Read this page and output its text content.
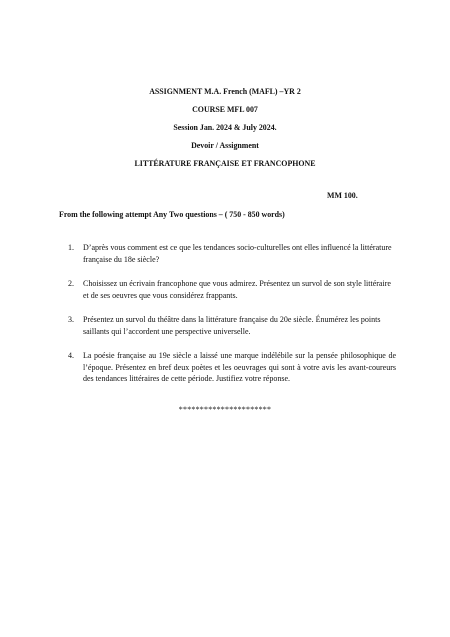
ASSIGNMENT M.A. French (MAFL) –YR 2
COURSE MFL 007
Session Jan. 2024 & July 2024.
Devoir / Assignment
LITTÉRATURE FRANÇAISE ET FRANCOPHONE
MM 100.
From the following attempt Any Two questions – ( 750 - 850 words)
1.	D’après vous comment est ce que les tendances socio-culturelles ont elles influencé la littérature française du 18e siècle?
2.	Choisissez un écrivain francophone que vous admirez. Présentez un survol de son style littéraire et de ses oeuvres que vous considérez frappants.
3.	Présentez un survol du théâtre dans la littérature française du 20e siècle. Énumérez les points saillants qui l’accordent une perspective universelle.
4.	La poésie française au 19e siècle a laissé une marque indélébile sur la pensée philosophique de l’époque. Présentez en bref deux poètes et les oeuvrages qui sont à votre avis les avant-coureurs des tendances littéraires de cette période. Justifiez votre réponse.
**********************
